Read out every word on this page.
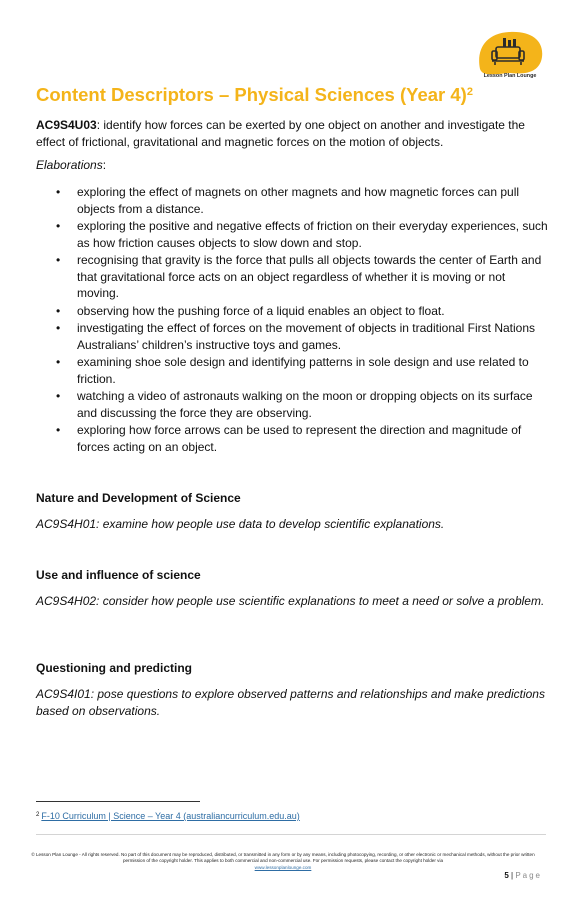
Lesson Plan Lounge
Content Descriptors – Physical Sciences (Year 4)$^2$
AC9S4U03: identify how forces can be exerted by one object on another and investigate the effect of frictional, gravitational and magnetic forces on the motion of objects.
Elaborations:
• exploring the effect of magnets on other magnets and how magnetic forces can pull objects from a distance.
• exploring the positive and negative effects of friction on their everyday experiences, such as how friction causes objects to slow down and stop.
• recognising that gravity is the force that pulls all objects towards the center of Earth and that gravitational force acts on an object regardless of whether it is moving or not moving.
• observing how the pushing force of a liquid enables an object to float.
• investigating the effect of forces on the movement of objects in traditional First Nations Australians’ children’s instructive toys and games.
• examining shoe sole design and identifying patterns in sole design and use related to friction.
• watching a video of astronauts walking on the moon or dropping objects on its surface and discussing the force they are observing.
• exploring how force arrows can be used to represent the direction and magnitude of forces acting on an object.
Nature and Development of Science
AC9S4H01: examine how people use data to develop scientific explanations.
Use and influence of science
AC9S4H02: consider how people use scientific explanations to meet a need or solve a problem.
Questioning and predicting
AC9S4I01: pose questions to explore observed patterns and relationships and make predictions based on observations.
$^2$ F-10 Curriculum | Science – Year 4 (australiancurriculum.edu.au)
© Lesson Plan Lounge - All rights reserved. No part of this document may be reproduced, distributed, or transmitted in any form or by any means, including photocopying, recording, or other electronic or mechanical methods, without the prior written permission of the copyright holder. This applies to both commercial and non-commercial use. For permission requests, please contact the copyright holder via
www.lessonplanlounge.com
5 | Page
